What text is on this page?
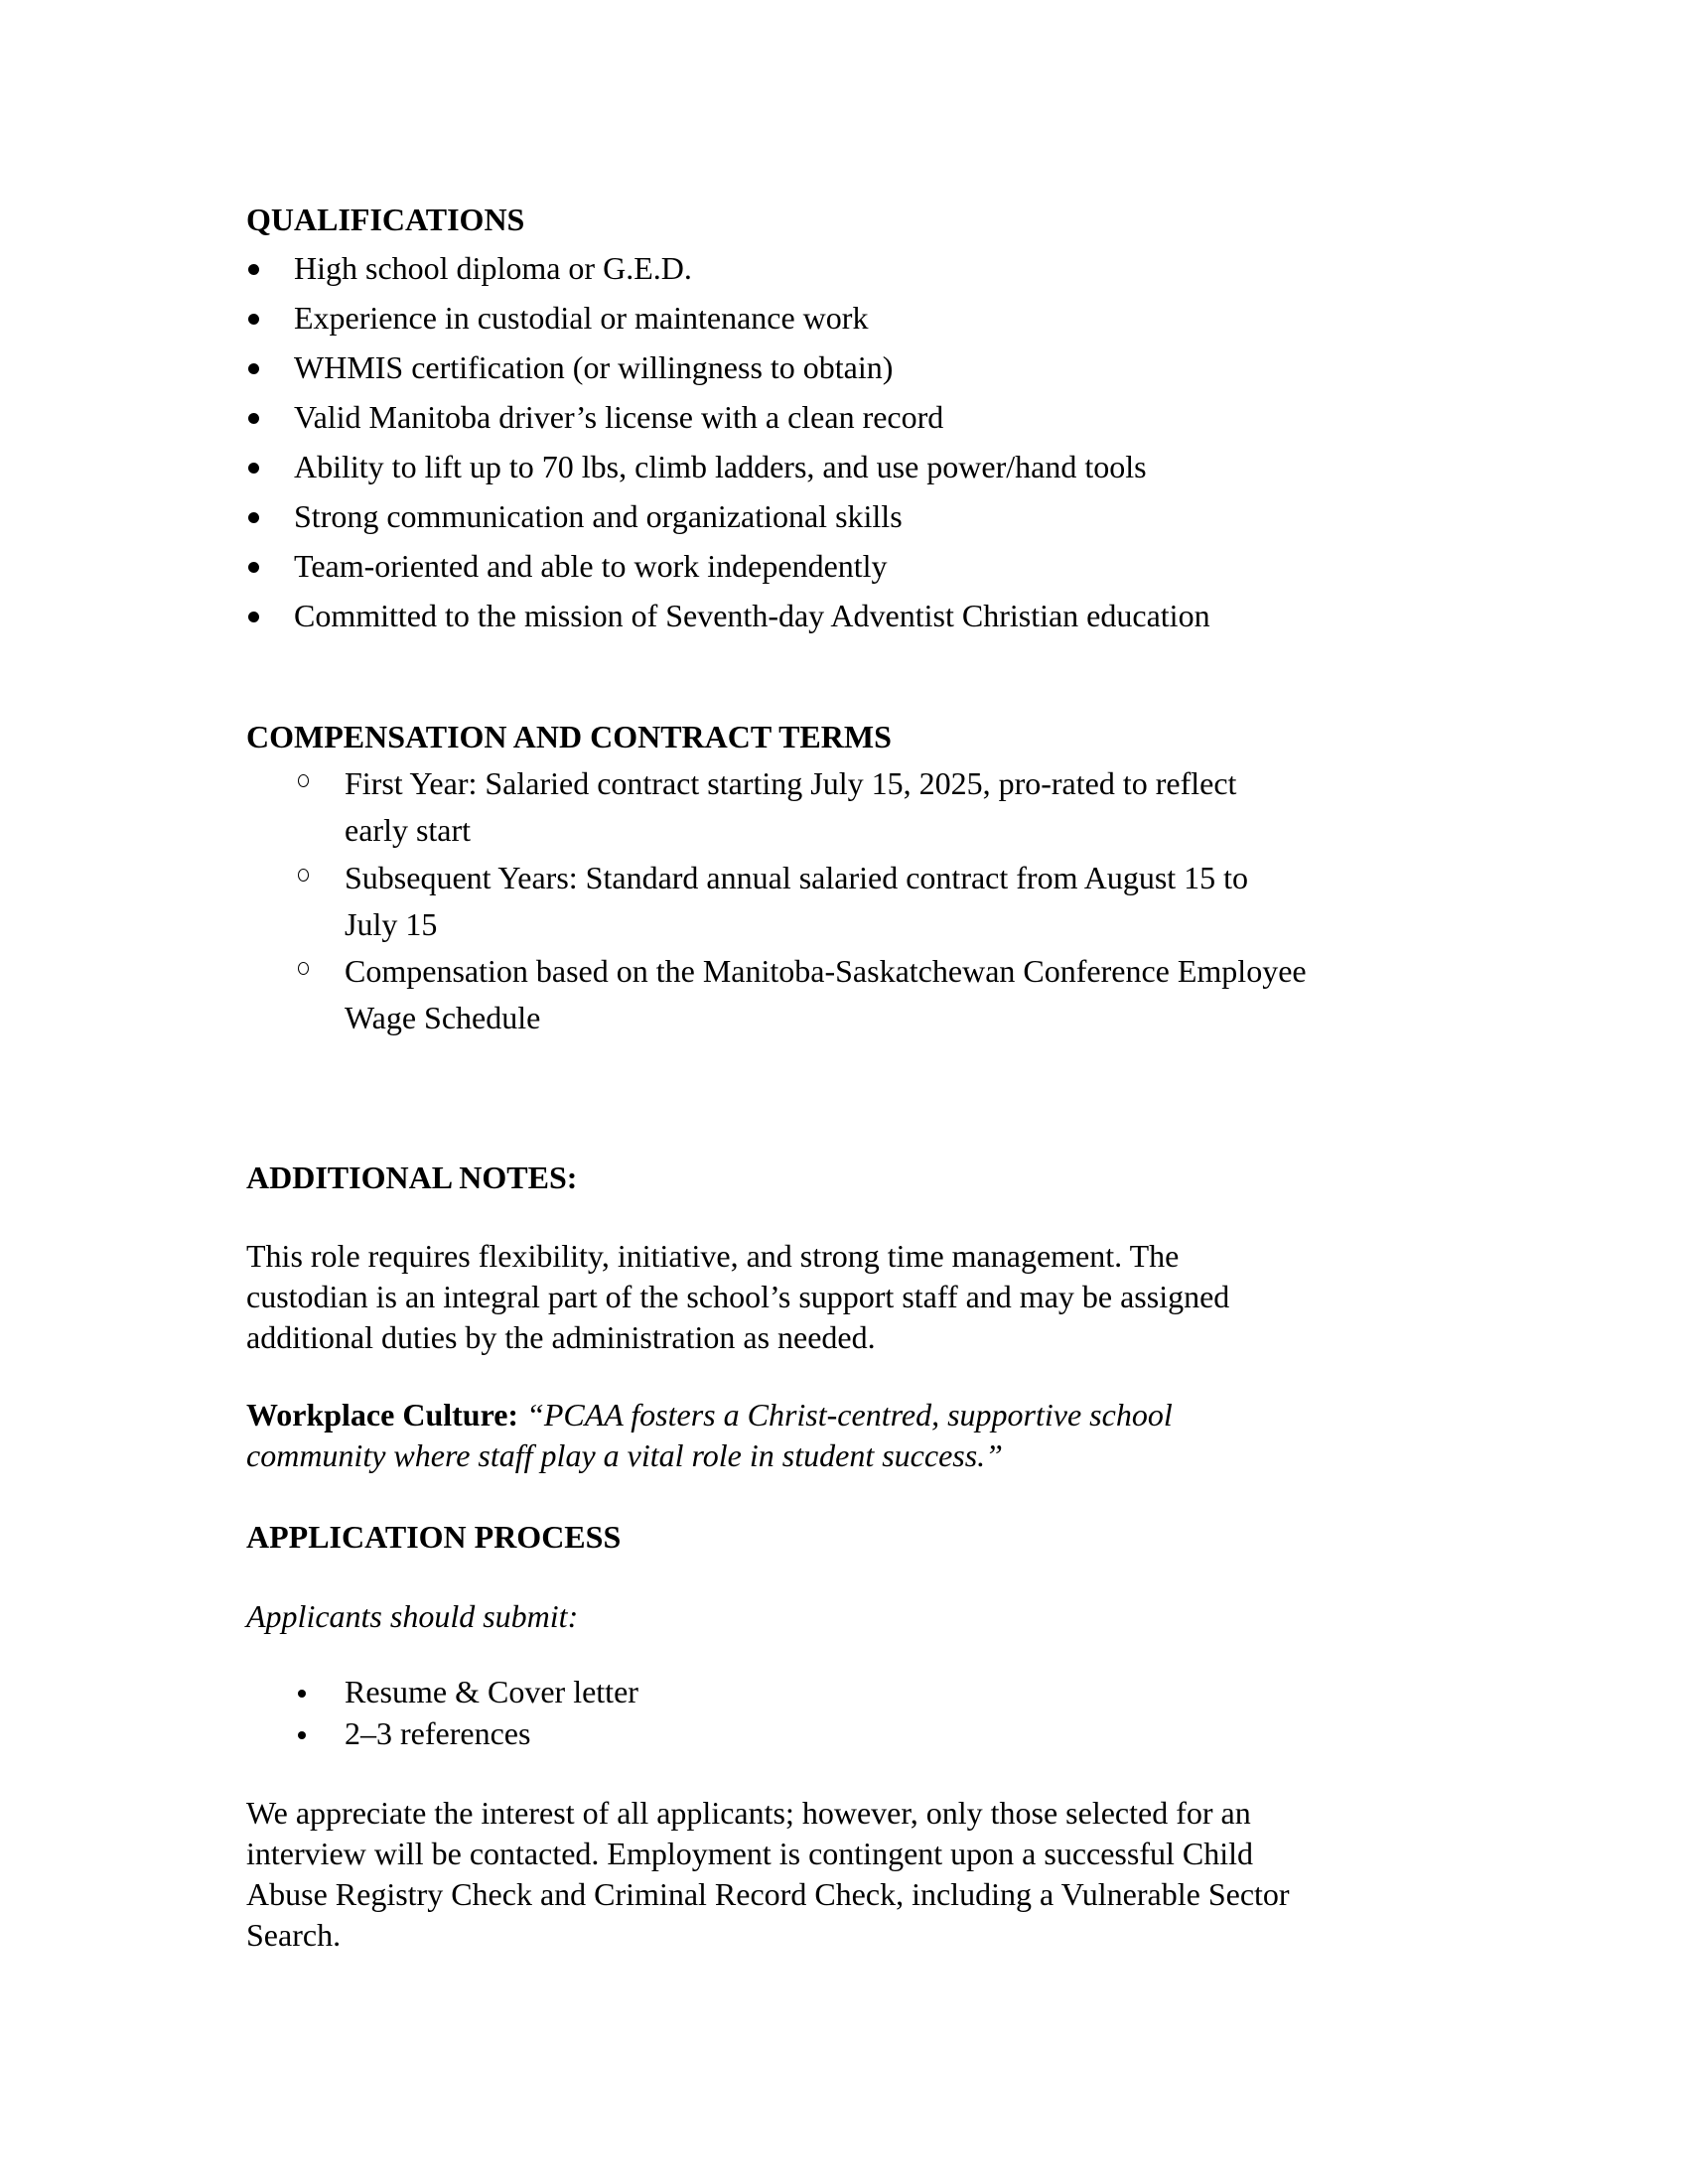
QUALIFICATIONS
High school diploma or G.E.D.
Experience in custodial or maintenance work
WHMIS certification (or willingness to obtain)
Valid Manitoba driver’s license with a clean record
Ability to lift up to 70 lbs, climb ladders, and use power/hand tools
Strong communication and organizational skills
Team-oriented and able to work independently
Committed to the mission of Seventh-day Adventist Christian education
COMPENSATION AND CONTRACT TERMS
First Year: Salaried contract starting July 15, 2025, pro-rated to reflect
early start
Subsequent Years: Standard annual salaried contract from August 15 to
July 15
Compensation based on the Manitoba-Saskatchewan Conference Employee
Wage Schedule
ADDITIONAL NOTES:
This role requires flexibility, initiative, and strong time management. The
custodian is an integral part of the school’s support staff and may be assigned
additional duties by the administration as needed.
Workplace Culture: “PCAA fosters a Christ-centred, supportive school
community where staff play a vital role in student success.”
APPLICATION PROCESS
Applicants should submit:
Resume & Cover letter
2–3 references
We appreciate the interest of all applicants; however, only those selected for an
interview will be contacted. Employment is contingent upon a successful Child
Abuse Registry Check and Criminal Record Check, including a Vulnerable Sector
Search.
